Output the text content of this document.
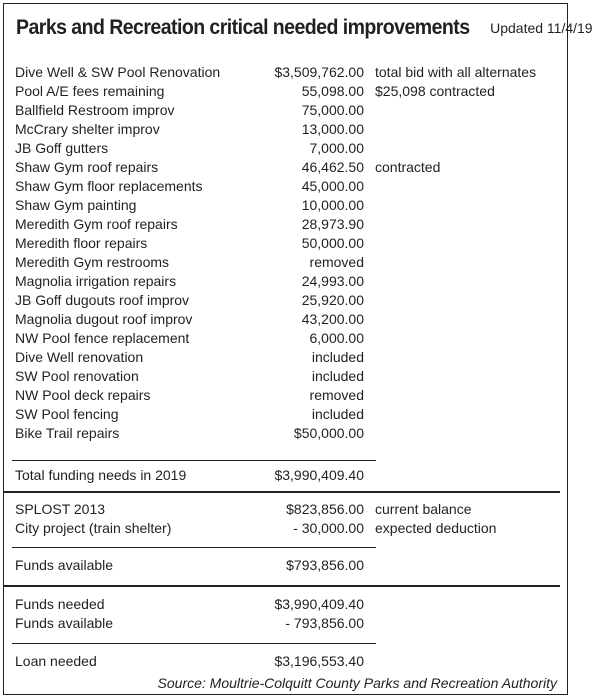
Parks and Recreation critical needed improvements Updated 11/4/19
Dive Well & SW Pool Renovation	$3,509,762.00 total bid with all alternates
Pool A/E fees remaining	55,098.00 $25,098 contracted
Ballfield Restroom improv	75,000.00
McCrary shelter improv	13,000.00
JB Goff gutters	7,000.00
Shaw Gym roof repairs	46,462.50 contracted
Shaw Gym floor replacements	45,000.00
Shaw Gym painting	10,000.00
Meredith Gym roof repairs	28,973.90
Meredith floor repairs	50,000.00
Meredith Gym restrooms	removed
Magnolia irrigation repairs	24,993.00
JB Goff dugouts roof improv	25,920.00
Magnolia dugout roof improv	43,200.00
NW Pool fence replacement	6,000.00
Dive Well renovation	included
SW Pool renovation	included
NW Pool deck repairs	removed
SW Pool fencing	included
Bike Trail repairs	$50,000.00
Total funding needs in 2019	$3,990,409.40
SPLOST 2013	$823,856.00 current balance
City project (train shelter)	- 30,000.00 expected deduction
Funds available	$793,856.00
Funds needed	$3,990,409.40
Funds available	- 793,856.00
Loan needed	$3,196,553.40
Source: Moultrie-Colquitt County Parks and Recreation Authority
